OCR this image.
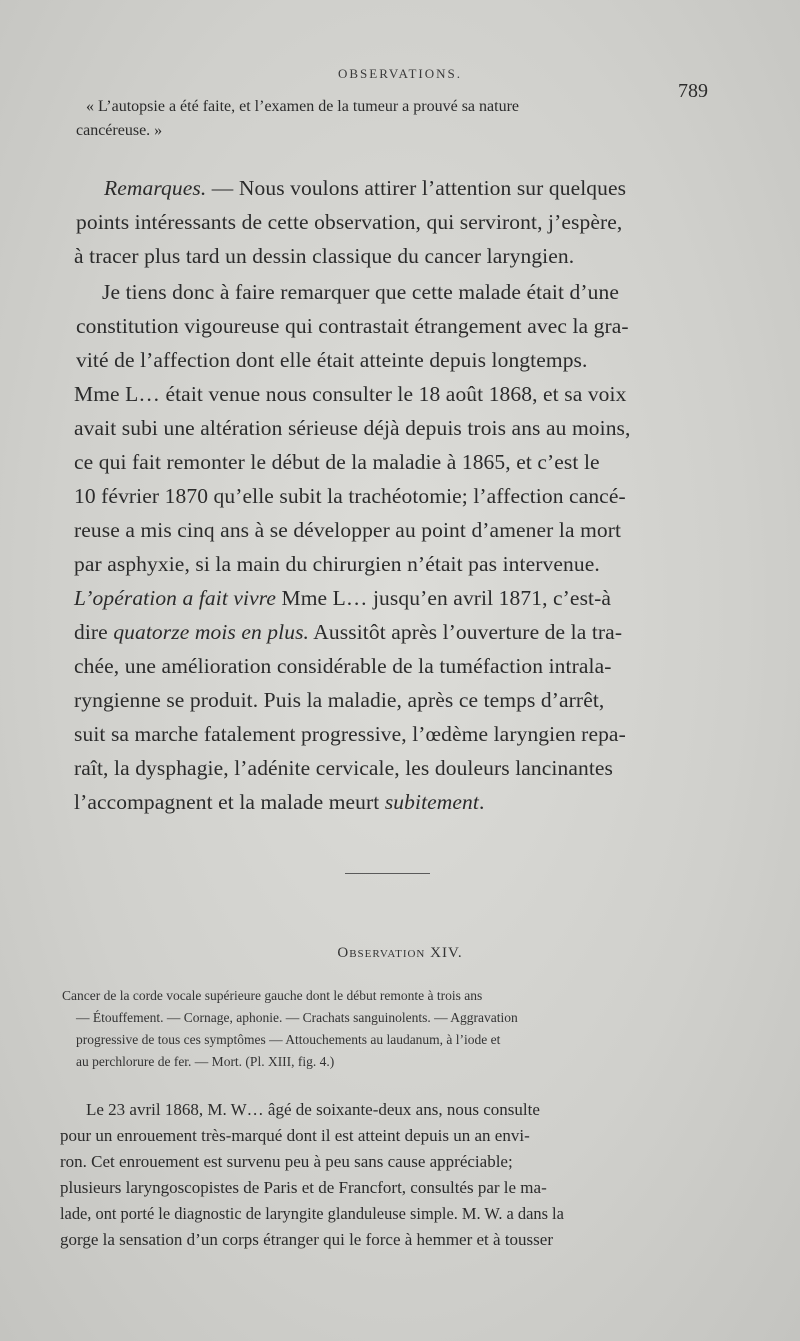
OBSERVATIONS.
789
« L’autopsie a été faite, et l’examen de la tumeur a prouvé sa nature
cancéreuse. »
Remarques. — Nous voulons attirer l’attention sur quelques
points intéressants de cette observation, qui serviront, j’espère,
à tracer plus tard un dessin classique du cancer laryngien.
Je tiens donc à faire remarquer que cette malade était d’une
constitution vigoureuse qui contrastait étrangement avec la gra-
vité de l’affection dont elle était atteinte depuis longtemps.
Mme L… était venue nous consulter le 18 août 1868, et sa voix
avait subi une altération sérieuse déjà depuis trois ans au moins,
ce qui fait remonter le début de la maladie à 1865, et c’est le
10 février 1870 qu’elle subit la trachéotomie; l’affection cancé-
reuse a mis cinq ans à se développer au point d’amener la mort
par asphyxie, si la main du chirurgien n’était pas intervenue.
L’opération a fait vivre Mme L… jusqu’en avril 1871, c’est-à
dire quatorze mois en plus. Aussitôt après l’ouverture de la tra-
chée, une amélioration considérable de la tuméfaction intrala-
ryngienne se produit. Puis la maladie, après ce temps d’arrêt,
suit sa marche fatalement progressive, l’œdème laryngien repa-
raît, la dysphagie, l’adénite cervicale, les douleurs lancinantes
l’accompagnent et la malade meurt subitement.
Observation XIV.
Cancer de la corde vocale supérieure gauche dont le début remonte à trois ans
— Étouffement. — Cornage, aphonie. — Crachats sanguinolents. — Aggravation
progressive de tous ces symptômes — Attouchements au laudanum, à l’iode et
au perchlorure de fer. — Mort. (Pl. XIII, fig. 4.)
Le 23 avril 1868, M. W… âgé de soixante-deux ans, nous consulte
pour un enrouement très-marqué dont il est atteint depuis un an envi-
ron. Cet enrouement est survenu peu à peu sans cause appréciable;
plusieurs laryngoscopistes de Paris et de Francfort, consultés par le ma-
lade, ont porté le diagnostic de laryngite glanduleuse simple. M. W. a dans la
gorge la sensation d’un corps étranger qui le force à hemmer et à tousser
